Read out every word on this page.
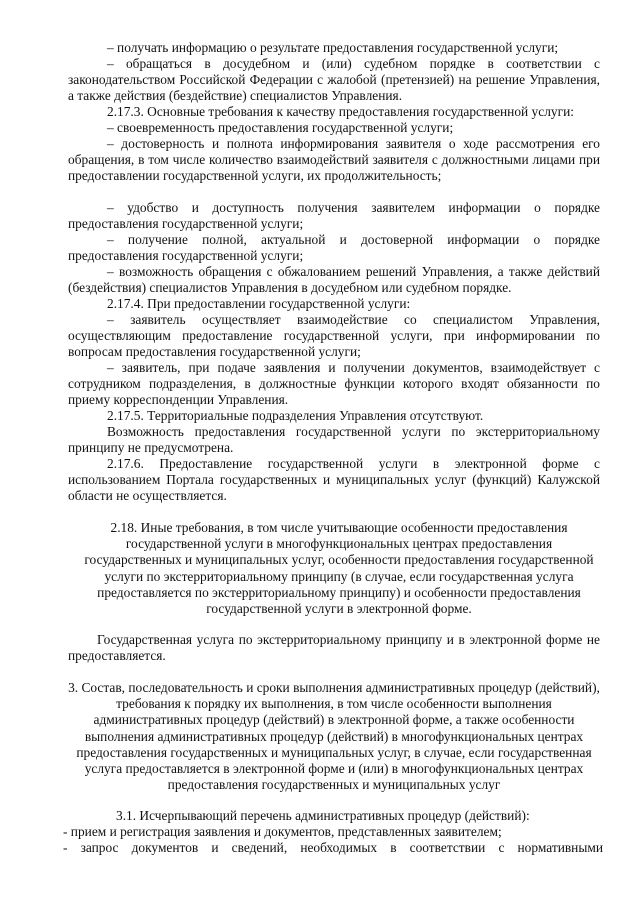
– получать информацию о результате предоставления государственной услуги;

– обращаться в досудебном и (или) судебном порядке в соответствии с законодательством Российской Федерации с жалобой (претензией) на решение Управления, а также действия (бездействие) специалистов Управления.

2.17.3. Основные требования к качеству предоставления государственной услуги:

– своевременность предоставления государственной услуги;

– достоверность и полнота информирования заявителя о ходе рассмотрения его обращения, в том числе количество взаимодействий заявителя с должностными лицами при предоставлении государственной услуги, их продолжительность;

– удобство и доступность получения заявителем информации о порядке предоставления государственной услуги;

– получение полной, актуальной и достоверной информации о порядке предоставления государственной услуги;

– возможность обращения с обжалованием решений Управления, а также действий (бездействия) специалистов Управления в досудебном или судебном порядке.

2.17.4. При предоставлении государственной услуги:

– заявитель осуществляет взаимодействие со специалистом Управления, осуществляющим предоставление государственной услуги, при информировании по вопросам предоставления государственной услуги;

– заявитель, при подаче заявления и получении документов, взаимодействует с сотрудником подразделения, в должностные функции которого входят обязанности по приему корреспонденции Управления.

2.17.5. Территориальные подразделения Управления отсутствуют.

Возможность предоставления государственной услуги по экстерриториальному принципу не предусмотрена.

2.17.6. Предоставление государственной услуги в электронной форме с использованием Портала государственных и муниципальных услуг (функций) Калужской области не осуществляется.

2.18. Иные требования, в том числе учитывающие особенности предоставления государственной услуги в многофункциональных центрах предоставления государственных и муниципальных услуг, особенности предоставления государственной услуги по экстерриториальному принципу (в случае, если государственная услуга предоставляется по экстерриториальному принципу) и особенности предоставления государственной услуги в электронной форме.

Государственная услуга по экстерриториальному принципу и в электронной форме не предоставляется.

3. Состав, последовательность и сроки выполнения административных процедур (действий), требования к порядку их выполнения, в том числе особенности выполнения административных процедур (действий) в электронной форме, а также особенности выполнения административных процедур (действий) в многофункциональных центрах предоставления государственных и муниципальных услуг, в случае, если государственная услуга предоставляется в электронной форме и (или) в многофункциональных центрах предоставления государственных и муниципальных услуг

3.1. Исчерпывающий перечень административных процедур (действий):

- прием и регистрация заявления и документов, представленных заявителем;

- запрос документов и сведений, необходимых в соответствии с нормативными
